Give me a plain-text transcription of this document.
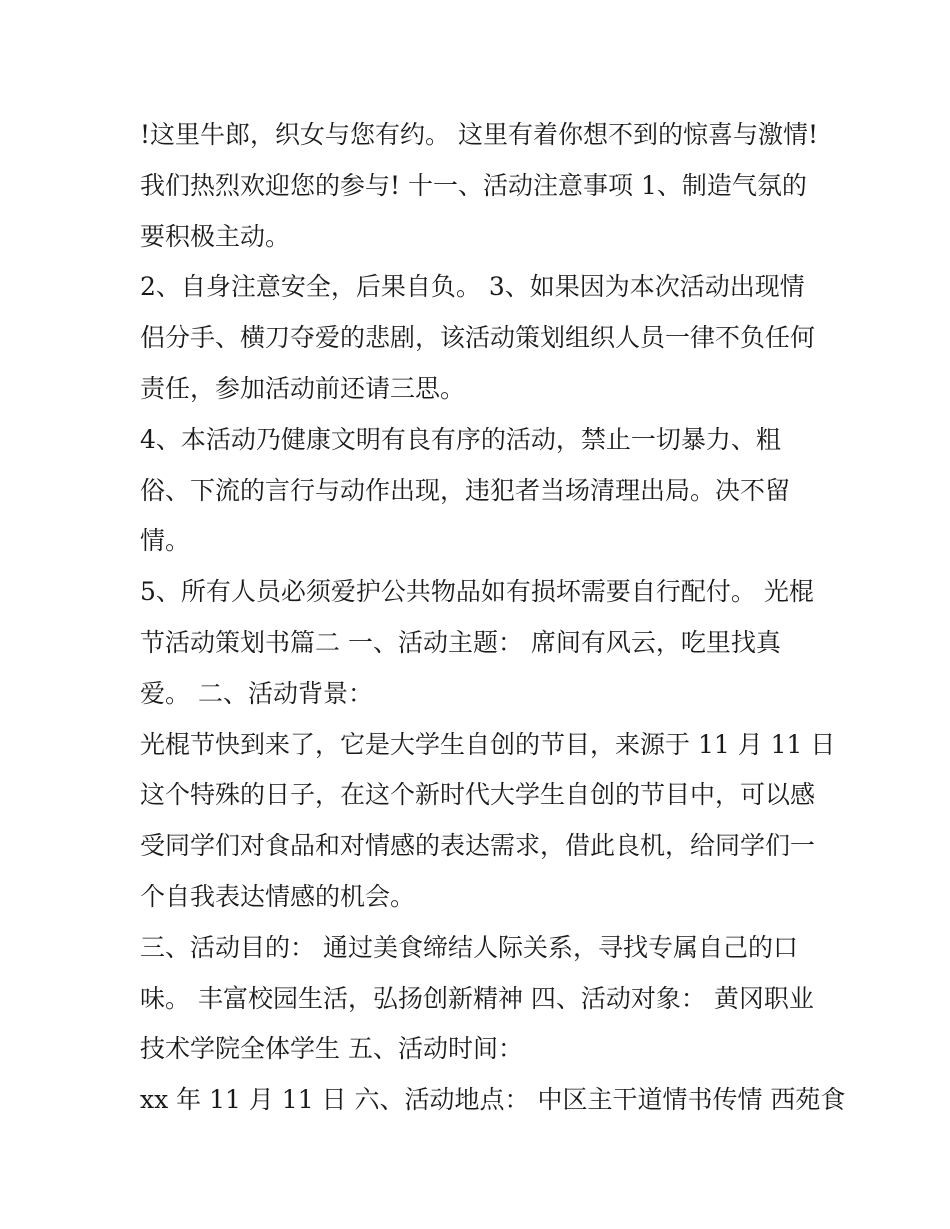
!这里牛郎，织女与您有约。 这里有着你想不到的惊喜与激情!
我们热烈欢迎您的参与! 十一、活动注意事项 1、制造气氛的
要积极主动。
2、自身注意安全，后果自负。 3、如果因为本次活动出现情
侣分手、横刀夺爱的悲剧，该活动策划组织人员一律不负任何
责任，参加活动前还请三思。
4、本活动乃健康文明有良有序的活动，禁止一切暴力、粗
俗、下流的言行与动作出现，违犯者当场清理出局。决不留
情。
5、所有人员必须爱护公共物品如有损坏需要自行配付。 光棍
节活动策划书篇二 一、活动主题： 席间有风云，吃里找真
爱。 二、活动背景：
光棍节快到来了，它是大学生自创的节目，来源于 11 月 11 日
这个特殊的日子，在这个新时代大学生自创的节目中，可以感
受同学们对食品和对情感的表达需求，借此良机，给同学们一
个自我表达情感的机会。
三、活动目的： 通过美食缔结人际关系，寻找专属自己的口
味。 丰富校园生活，弘扬创新精神 四、活动对象： 黄冈职业
技术学院全体学生 五、活动时间：
xx 年 11 月 11 日 六、活动地点： 中区主干道情书传情 西苑食
